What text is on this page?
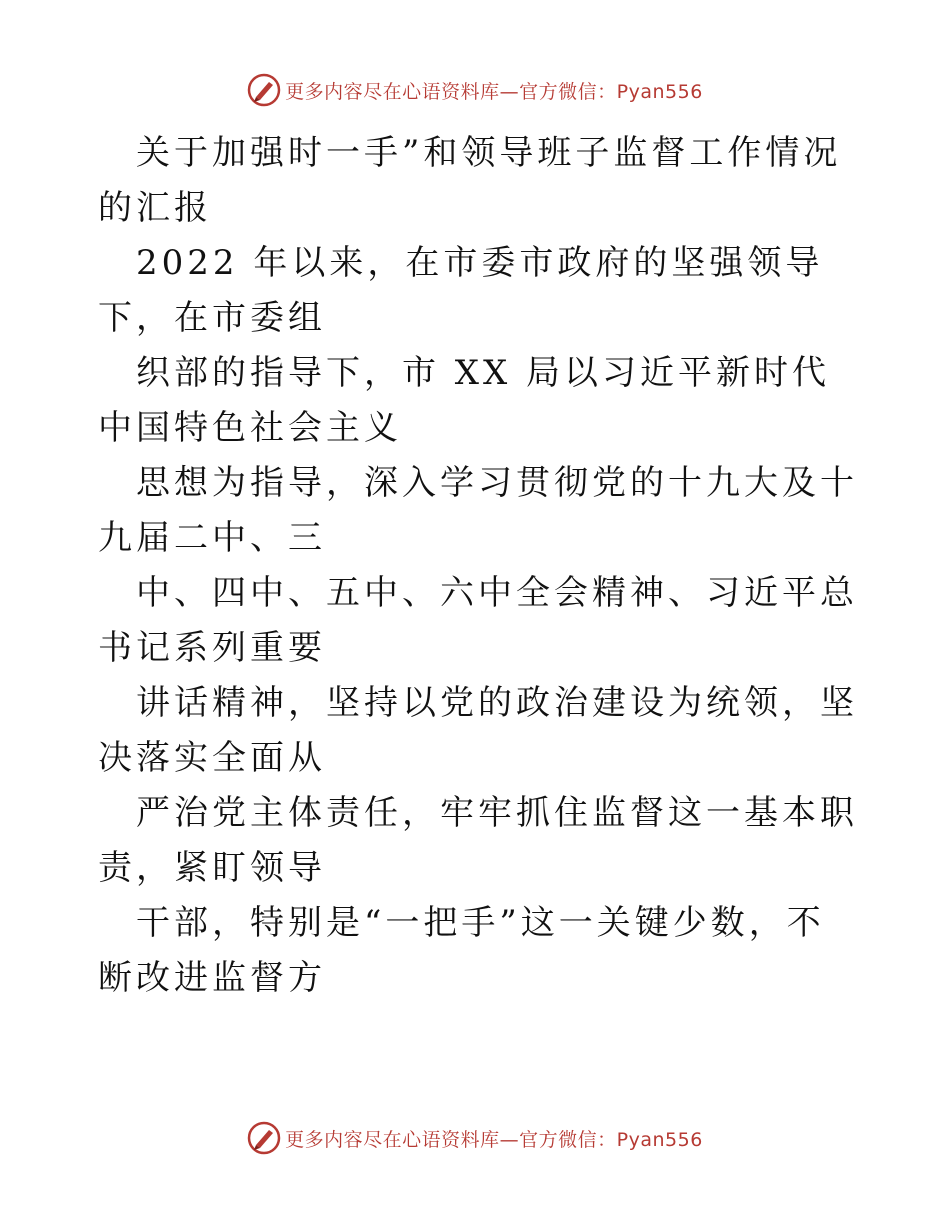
更多内容尽在心语资料库—官方微信：Pyan556

关于加强时一手”和领导班子监督工作情况的汇报

2022 年以来，在市委市政府的坚强领导下，在市委组

织部的指导下，市 XX 局以习近平新时代中国特色社会主义

思想为指导，深入学习贯彻党的十九大及十九届二中、三

中、四中、五中、六中全会精神、习近平总书记系列重要

讲话精神，坚持以党的政治建设为统领，坚决落实全面从

严治党主体责任，牢牢抓住监督这一基本职责，紧盯领导

干部，特别是“一把手”这一关键少数，不断改进监督方

更多内容尽在心语资料库—官方微信：Pyan556
